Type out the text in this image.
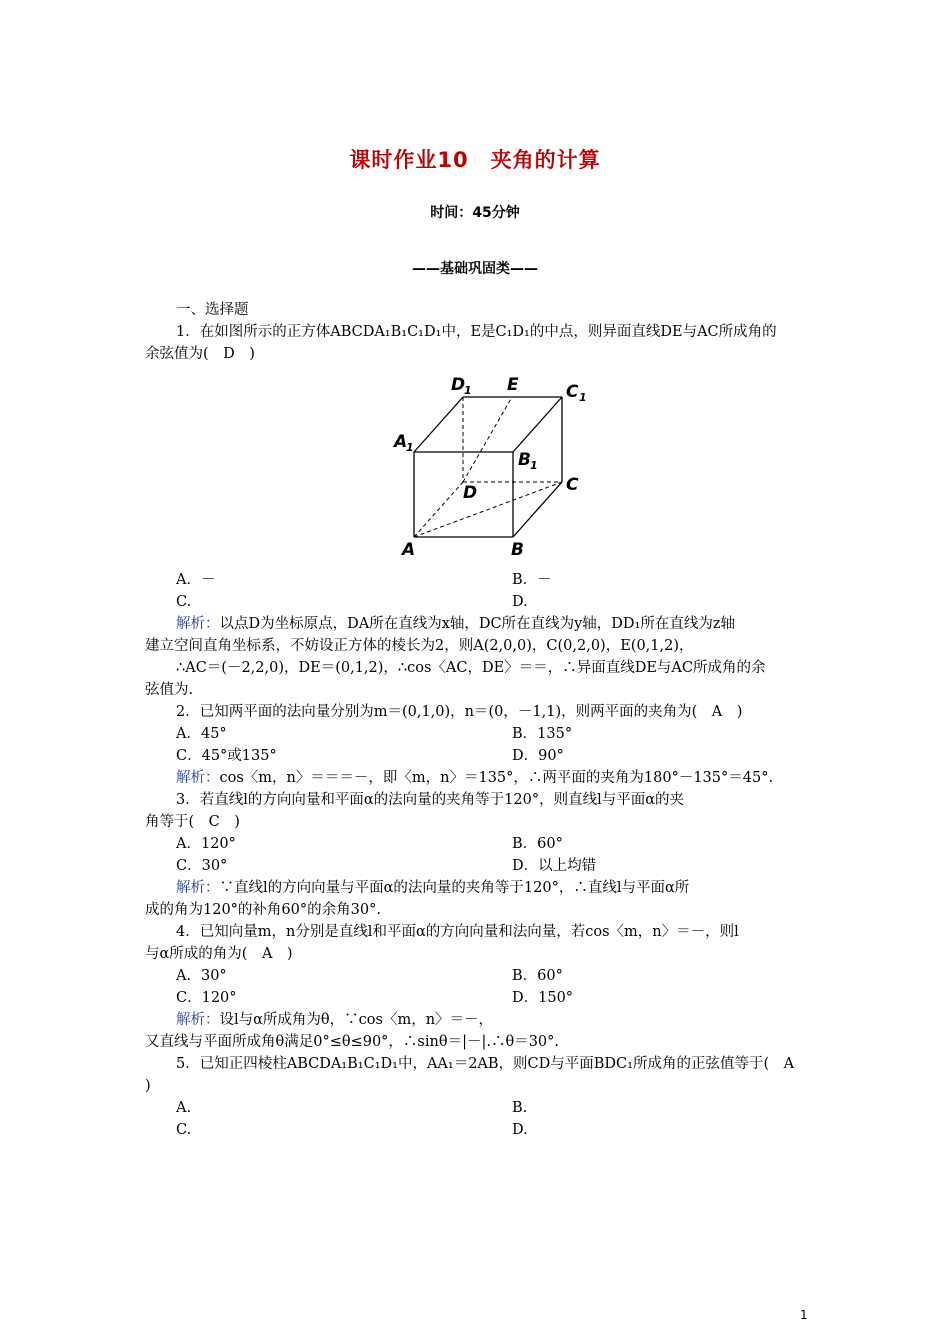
课时作业10　夹角的计算
时间：45分钟
——基础巩固类——
一、选择题
1．在如图所示的正方体ABCDA₁B₁C₁D₁中，E是C₁D₁的中点，则异面直线DE与AC所成角的
余弦值为(　D　)
D
1 E	C 1
A
1
B 1
D	C
A	B
A．－	B．－
C.	D.
解析：以点D为坐标原点，DA所在直线为x轴，DC所在直线为y轴，DD₁所在直线为z轴
建立空间直角坐标系，不妨设正方体的棱长为2，则A(2,0,0)，C(0,2,0)，E(0,1,2)，
∴AC＝(－2,2,0)，DE＝(0,1,2)，∴cos〈AC，DE〉＝＝，∴异面直线DE与AC所成角的余
弦值为.
2．已知两平面的法向量分别为m＝(0,1,0)，n＝(0，－1,1)，则两平面的夹角为(　A　)
A．45°	B．135°
C．45°或135°	D．90°
解析：cos〈m，n〉＝＝＝－，即〈m，n〉＝135°，∴两平面的夹角为180°－135°＝45°.
3．若直线l的方向向量和平面α的法向量的夹角等于120°，则直线l与平面α的夹
角等于(　C　)
A．120°	B．60°
C．30°	D．以上均错
解析：∵直线l的方向向量与平面α的法向量的夹角等于120°，∴直线l与平面α所
成的角为120°的补角60°的余角30°.
4．已知向量m，n分别是直线l和平面α的方向向量和法向量，若cos〈m，n〉＝－，则l
与α所成的角为(　A　)
A．30°	B．60°
C．120°	D．150°
解析：设l与α所成角为θ，∵cos〈m，n〉＝－，
又直线与平面所成角θ满足0°≤θ≤90°，∴sinθ＝|－|.∴θ＝30°.
5．已知正四棱柱ABCDA₁B₁C₁D₁中，AA₁＝2AB，则CD与平面BDC₁所成角的正弦值等于(　A
)
A.	B.
C.	D.
1
